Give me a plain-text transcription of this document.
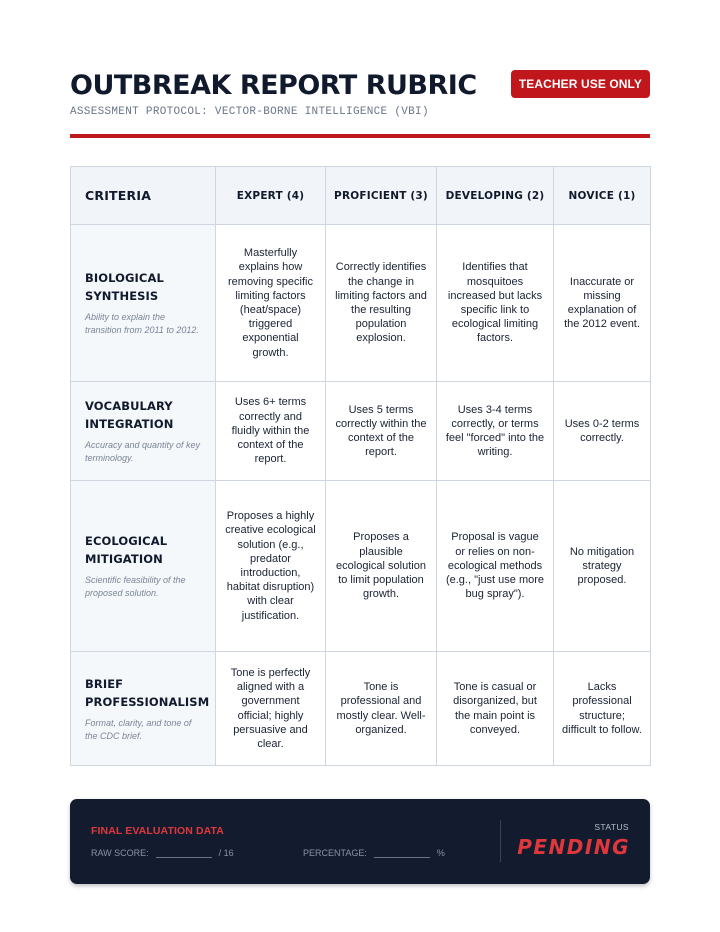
OUTBREAK REPORT RUBRIC
ASSESSMENT PROTOCOL: VECTOR-BORNE INTELLIGENCE (VBI)
TEACHER USE ONLY
CRITERIA	EXPERT (4)	PROFICIENT (3)	DEVELOPING (2)	NOVICE (1)

BIOLOGICAL SYNTHESIS
Ability to explain the transition from 2011 to 2012.	Masterfully explains how removing specific limiting factors (heat/space) triggered exponential growth.	Correctly identifies the change in limiting factors and the resulting population explosion.	Identifies that mosquitoes increased but lacks specific link to ecological limiting factors.	Inaccurate or missing explanation of the 2012 event.

VOCABULARY INTEGRATION
Accuracy and quantity of key terminology.	Uses 6+ terms correctly and fluidly within the context of the report.	Uses 5 terms correctly within the context of the report.	Uses 3-4 terms correctly, or terms feel "forced" into the writing.	Uses 0-2 terms correctly.

ECOLOGICAL MITIGATION
Scientific feasibility of the proposed solution.	Proposes a highly creative ecological solution (e.g., predator introduction, habitat disruption) with clear justification.	Proposes a plausible ecological solution to limit population growth.	Proposal is vague or relies on non-ecological methods (e.g., "just use more bug spray").	No mitigation strategy proposed.

BRIEF PROFESSIONALISM
Format, clarity, and tone of the CDC brief.	Tone is perfectly aligned with a government official; highly persuasive and clear.	Tone is professional and mostly clear. Well-organized.	Tone is casual or disorganized, but the main point is conveyed.	Lacks professional structure; difficult to follow.
FINAL EVALUATION DATA
RAW SCORE:	/ 16	PERCENTAGE:	%
STATUS
PENDING
